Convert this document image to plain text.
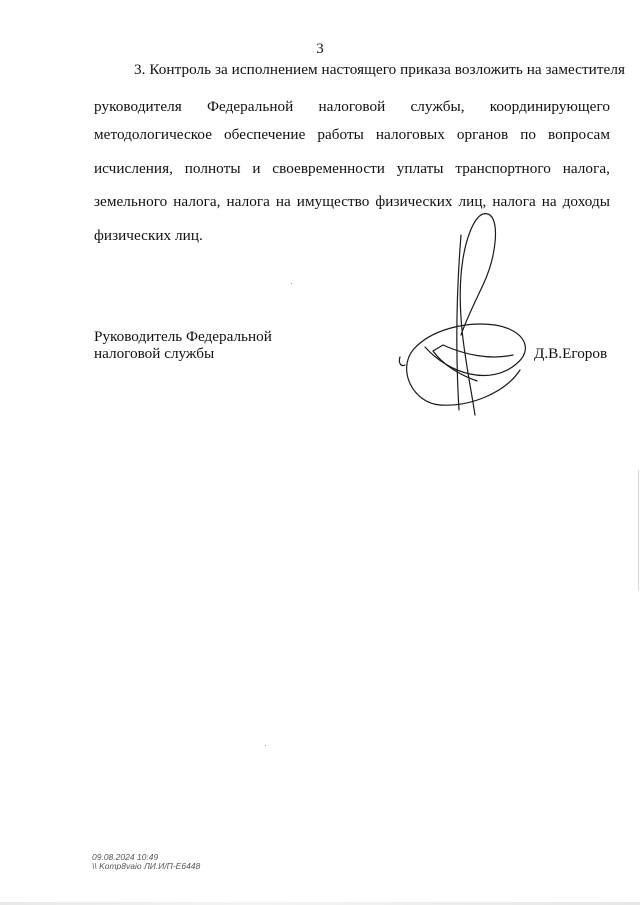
3
3. Контроль за исполнением настоящего приказа возложить на заместителя
руководителя Федеральной налоговой службы, координирующего
методологическое обеспечение работы налоговых органов по вопросам
исчисления, полноты и своевременности уплаты транспортного налога,
земельного налога, налога на имущество физических лиц, налога на доходы
физических лиц.
Руководитель Федеральной
налоговой службы	Д.В.Егоров
09.08.2024 10:49
\\ Komp8vaio ЛИ.И/П-Е6448
